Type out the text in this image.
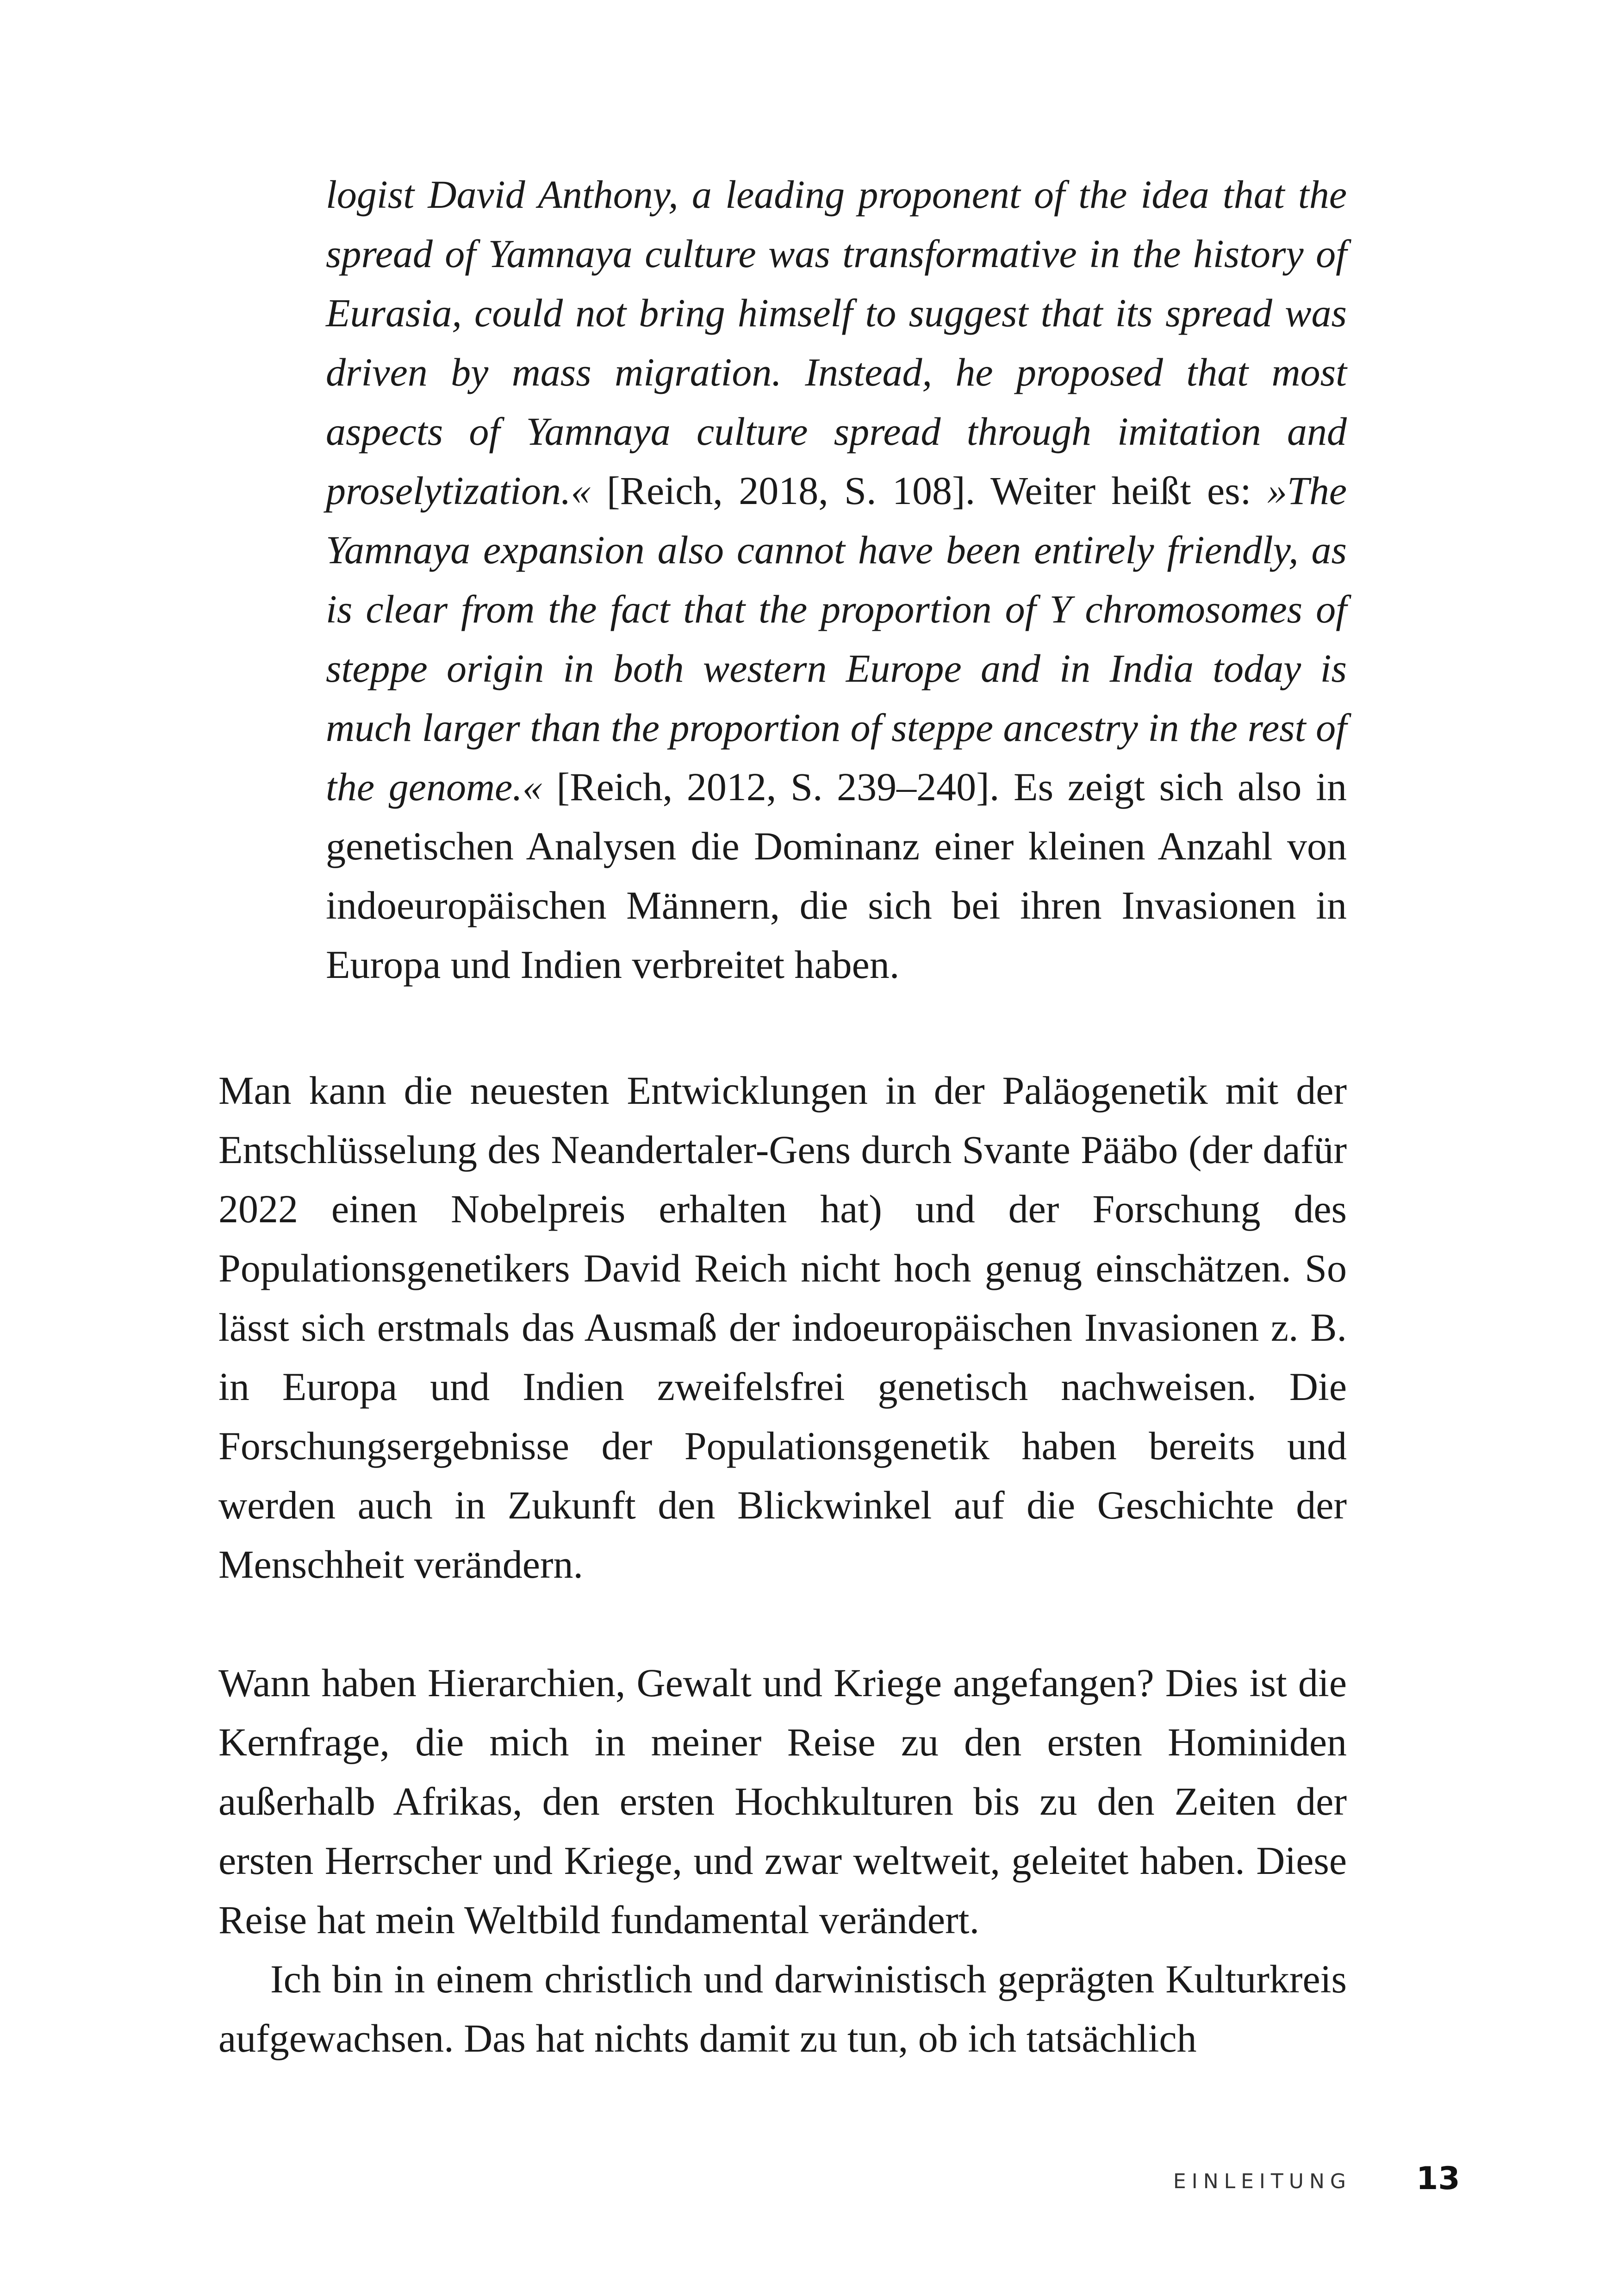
logist David Anthony, a leading proponent of the idea that the spread of Yamnaya culture was transformative in the history of Eurasia, could not bring himself to suggest that its spread was driven by mass migration. Instead, he proposed that most aspects of Yamnaya culture spread through imitation and proselytization.« [Reich, 2018, S. 108]. Weiter heißt es: »The Yamnaya expansion also cannot have been entirely friendly, as is clear from the fact that the proportion of Y chromosomes of steppe origin in both western Europe and in India today is much larger than the proportion of steppe ancestry in the rest of the genome.« [Reich, 2012, S. 239–240]. Es zeigt sich also in genetischen Analysen die Dominanz einer kleinen Anzahl von indoeuropäischen Männern, die sich bei ihren Invasionen in Europa und Indien verbreitet haben.

Man kann die neuesten Entwicklungen in der Paläogenetik mit der Entschlüsselung des Neandertaler-Gens durch Svante Pääbo (der dafür 2022 einen Nobelpreis erhalten hat) und der Forschung des Populationsgenetikers David Reich nicht hoch genug einschätzen. So lässt sich erstmals das Ausmaß der indoeuropäischen Invasionen z. B. in Europa und Indien zweifelsfrei genetisch nachweisen. Die Forschungsergebnisse der Populationsgenetik haben bereits und werden auch in Zukunft den Blickwinkel auf die Geschichte der Menschheit verändern.

Wann haben Hierarchien, Gewalt und Kriege angefangen? Dies ist die Kernfrage, die mich in meiner Reise zu den ersten Hominiden außerhalb Afrikas, den ersten Hochkulturen bis zu den Zeiten der ersten Herrscher und Kriege, und zwar weltweit, geleitet haben. Diese Reise hat mein Weltbild fundamental verändert.

Ich bin in einem christlich und darwinistisch geprägten Kulturkreis aufgewachsen. Das hat nichts damit zu tun, ob ich tatsächlich

EINLEITUNG 13
